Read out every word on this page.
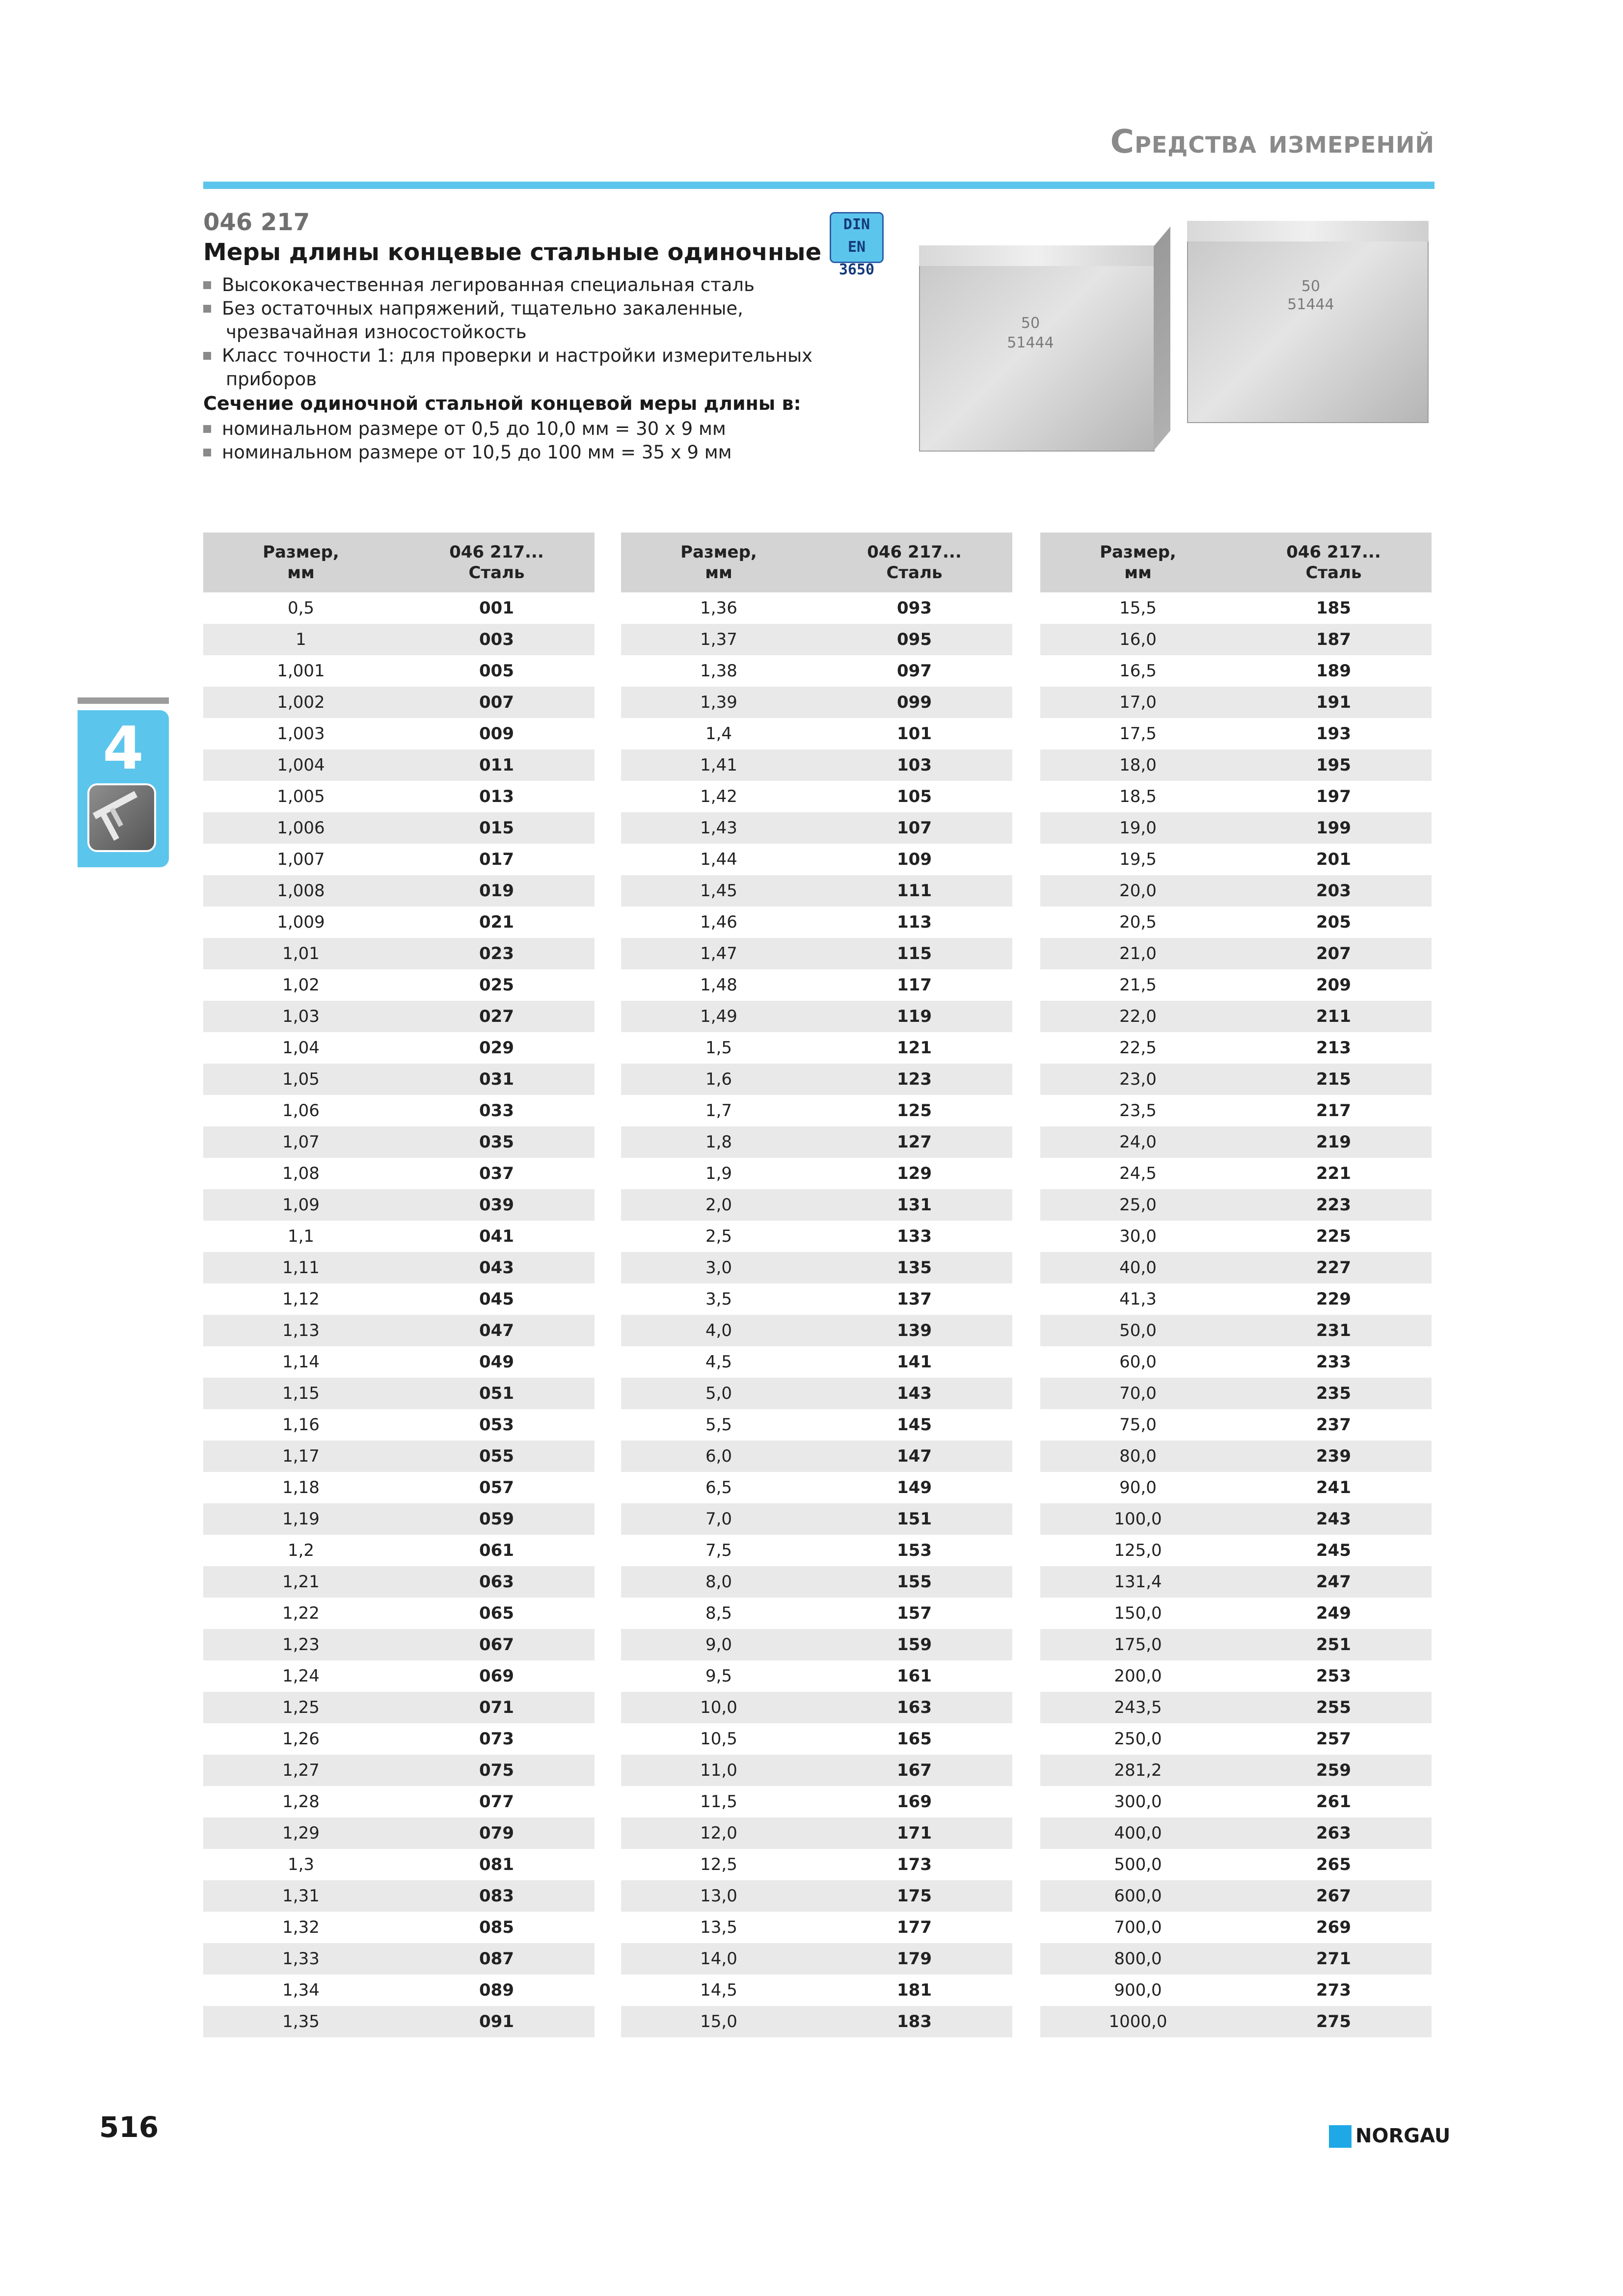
Средства измерений
046 217
Меры длины концевые стальные одиночные
Высококачественная легированная специальная сталь
Без остаточных напряжений, тщательно закаленные,
чрезвачайная износостойкость
Класс точности 1: для проверки и настройки измерительных
приборов
Сечение одиночной стальной концевой меры длины в:
номинальном размере от 0,5 до 10,0 мм = 30 x 9 мм
номинальном размере от 10,5 до 100 мм = 35 x 9 мм
DIN EN
3650
50
51444
50
51444
4
Размер,
мм	046 217...
Сталь
0,5	001
1	003
1,001	005
1,002	007
1,003	009
1,004	011
1,005	013
1,006	015
1,007	017
1,008	019
1,009	021
1,01	023
1,02	025
1,03	027
1,04	029
1,05	031
1,06	033
1,07	035
1,08	037
1,09	039
1,1	041
1,11	043
1,12	045
1,13	047
1,14	049
1,15	051
1,16	053
1,17	055
1,18	057
1,19	059
1,2	061
1,21	063
1,22	065
1,23	067
1,24	069
1,25	071
1,26	073
1,27	075
1,28	077
1,29	079
1,3	081
1,31	083
1,32	085
1,33	087
1,34	089
1,35	091
Размер,
мм	046 217...
Сталь
1,36	093
1,37	095
1,38	097
1,39	099
1,4	101
1,41	103
1,42	105
1,43	107
1,44	109
1,45	111
1,46	113
1,47	115
1,48	117
1,49	119
1,5	121
1,6	123
1,7	125
1,8	127
1,9	129
2,0	131
2,5	133
3,0	135
3,5	137
4,0	139
4,5	141
5,0	143
5,5	145
6,0	147
6,5	149
7,0	151
7,5	153
8,0	155
8,5	157
9,0	159
9,5	161
10,0	163
10,5	165
11,0	167
11,5	169
12,0	171
12,5	173
13,0	175
13,5	177
14,0	179
14,5	181
15,0	183
Размер,
мм	046 217...
Сталь
15,5	185
16,0	187
16,5	189
17,0	191
17,5	193
18,0	195
18,5	197
19,0	199
19,5	201
20,0	203
20,5	205
21,0	207
21,5	209
22,0	211
22,5	213
23,0	215
23,5	217
24,0	219
24,5	221
25,0	223
30,0	225
40,0	227
41,3	229
50,0	231
60,0	233
70,0	235
75,0	237
80,0	239
90,0	241
100,0	243
125,0	245
131,4	247
150,0	249
175,0	251
200,0	253
243,5	255
250,0	257
281,2	259
300,0	261
400,0	263
500,0	265
600,0	267
700,0	269
800,0	271
900,0	273
1000,0	275
516	NORGAU
